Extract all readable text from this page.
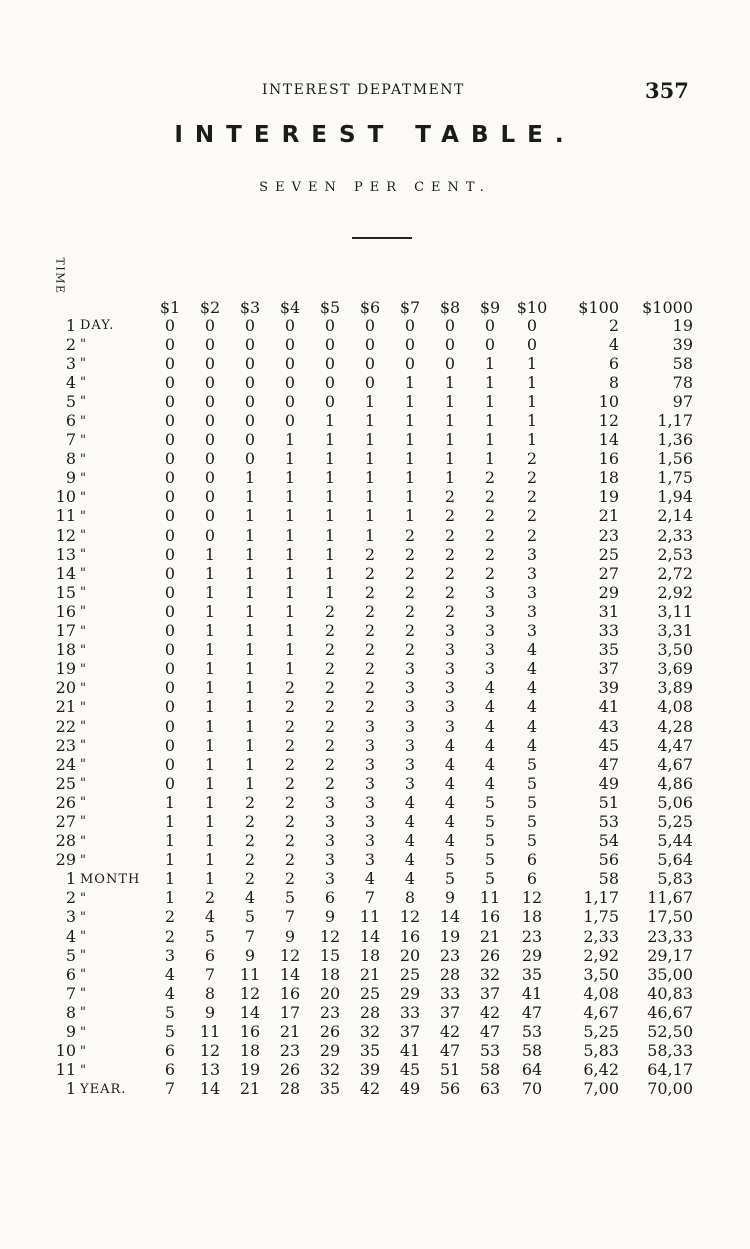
INTEREST DEPATMENT	357
INTEREST TABLE.
SEVEN PER CENT.
TIME
		$1	$2	$3	$4	$5	$6	$7	$8	$9	$10	$100	$1000
1	DAY.	0	0	0	0	0	0	0	0	0	0	2	19
2	"	0	0	0	0	0	0	0	0	0	0	4	39
3	"	0	0	0	0	0	0	0	0	1	1	6	58
4	"	0	0	0	0	0	0	1	1	1	1	8	78
5	"	0	0	0	0	0	1	1	1	1	1	10	97
6	"	0	0	0	0	1	1	1	1	1	1	12	1,17
7	"	0	0	0	1	1	1	1	1	1	1	14	1,36
8	"	0	0	0	1	1	1	1	1	1	2	16	1,56
9	"	0	0	1	1	1	1	1	1	2	2	18	1,75
10	"	0	0	1	1	1	1	1	2	2	2	19	1,94
11	"	0	0	1	1	1	1	1	2	2	2	21	2,14
12	"	0	0	1	1	1	1	2	2	2	2	23	2,33
13	"	0	1	1	1	1	2	2	2	2	3	25	2,53
14	"	0	1	1	1	1	2	2	2	2	3	27	2,72
15	"	0	1	1	1	1	2	2	2	3	3	29	2,92
16	"	0	1	1	1	2	2	2	2	3	3	31	3,11
17	"	0	1	1	1	2	2	2	3	3	3	33	3,31
18	"	0	1	1	1	2	2	2	3	3	4	35	3,50
19	"	0	1	1	1	2	2	3	3	3	4	37	3,69
20	"	0	1	1	2	2	2	3	3	4	4	39	3,89
21	"	0	1	1	2	2	2	3	3	4	4	41	4,08
22	"	0	1	1	2	2	3	3	3	4	4	43	4,28
23	"	0	1	1	2	2	3	3	4	4	4	45	4,47
24	"	0	1	1	2	2	3	3	4	4	5	47	4,67
25	"	0	1	1	2	2	3	3	4	4	5	49	4,86
26	"	1	1	2	2	3	3	4	4	5	5	51	5,06
27	"	1	1	2	2	3	3	4	4	5	5	53	5,25
28	"	1	1	2	2	3	3	4	4	5	5	54	5,44
29	"	1	1	2	2	3	3	4	5	5	6	56	5,64
1	MONTH	1	1	2	2	3	4	4	5	5	6	58	5,83
2	"	1	2	4	5	6	7	8	9	11	12	1,17	11,67
3	"	2	4	5	7	9	11	12	14	16	18	1,75	17,50
4	"	2	5	7	9	12	14	16	19	21	23	2,33	23,33
5	"	3	6	9	12	15	18	20	23	26	29	2,92	29,17
6	"	4	7	11	14	18	21	25	28	32	35	3,50	35,00
7	"	4	8	12	16	20	25	29	33	37	41	4,08	40,83
8	"	5	9	14	17	23	28	33	37	42	47	4,67	46,67
9	"	5	11	16	21	26	32	37	42	47	53	5,25	52,50
10	"	6	12	18	23	29	35	41	47	53	58	5,83	58,33
11	"	6	13	19	26	32	39	45	51	58	64	6,42	64,17
1	YEAR.	7	14	21	28	35	42	49	56	63	70	7,00	70,00
